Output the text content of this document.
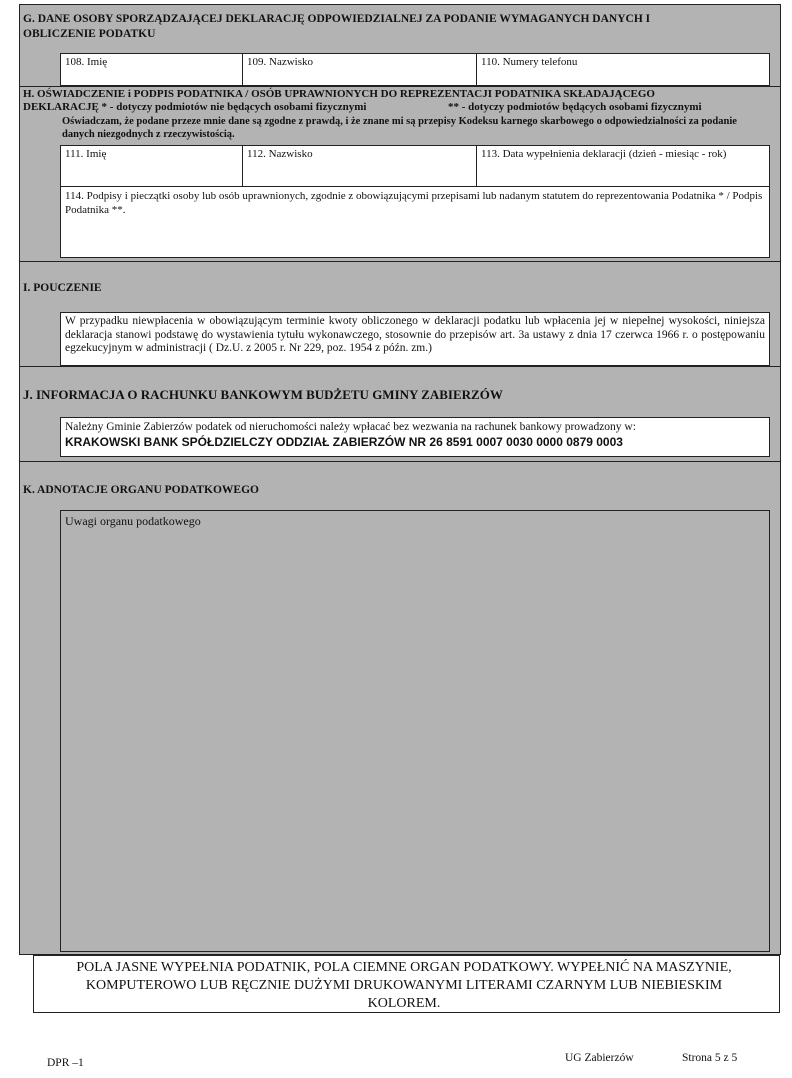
G. DANE OSOBY SPORZĄDZAJĄCEJ DEKLARACJĘ ODPOWIEDZIALNEJ ZA PODANIE WYMAGANYCH DANYCH I
OBLICZENIE PODATKU
108. Imię	109. Nazwisko	110. Numery telefonu
H. OŚWIADCZENIE i PODPIS PODATNIKA / OSÓB UPRAWNIONYCH DO REPREZENTACJI PODATNIKA SKŁADAJĄCEGO
DEKLARACJĘ * - dotyczy podmiotów nie będących osobami fizycznymi	** - dotyczy podmiotów będących osobami fizycznymi
Oświadczam, że podane przeze mnie dane są zgodne z prawdą, i że znane mi są przepisy Kodeksu karnego skarbowego o odpowiedzialności za podanie danych niezgodnych z rzeczywistością.
111. Imię	112. Nazwisko	113. Data wypełnienia deklaracji (dzień - miesiąc - rok)
114. Podpisy i pieczątki osoby lub osób uprawnionych, zgodnie z obowiązującymi przepisami lub nadanym statutem do reprezentowania Podatnika * / Podpis Podatnika **.
I. POUCZENIE
W przypadku niewpłacenia w obowiązującym terminie kwoty obliczonego w deklaracji podatku lub wpłacenia jej w niepełnej wysokości, niniejsza deklaracja stanowi podstawę do wystawienia tytułu wykonawczego, stosownie do przepisów art. 3a ustawy z dnia 17 czerwca 1966 r. o postępowaniu egzekucyjnym w administracji ( Dz.U. z 2005 r. Nr 229, poz. 1954 z późn. zm.)
J. INFORMACJA O RACHUNKU BANKOWYM BUDŻETU GMINY ZABIERZÓW
Należny Gminie Zabierzów podatek od nieruchomości należy wpłacać bez wezwania na rachunek bankowy prowadzony w:
KRAKOWSKI BANK SPÓŁDZIELCZY ODDZIAŁ ZABIERZÓW NR 26 8591 0007 0030 0000 0879 0003
K. ADNOTACJE ORGANU PODATKOWEGO
Uwagi organu podatkowego
POLA JASNE WYPEŁNIA PODATNIK, POLA CIEMNE ORGAN PODATKOWY. WYPEŁNIĆ NA MASZYNIE, KOMPUTEROWO LUB RĘCZNIE DUŻYMI DRUKOWANYMI LITERAMI CZARNYM LUB NIEBIESKIM KOLOREM.
DPR –1	UG Zabierzów	Strona 5 z 5
